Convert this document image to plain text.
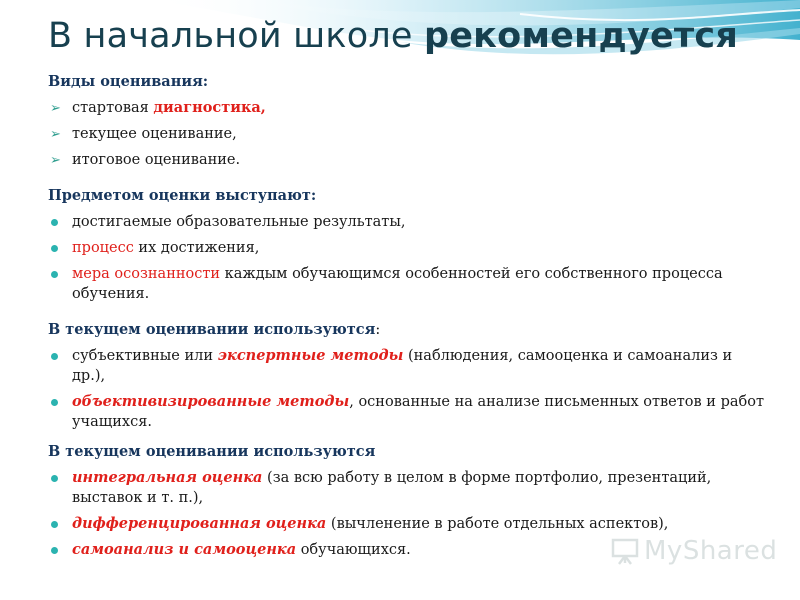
В начальной школе рекомендуется

Виды оценивания:

➢ стартовая диагностика,
➢ текущее оценивание,
➢ итоговое оценивание.

Предметом оценки выступают:

достигаемые образовательные результаты,
процесс их достижения,
мера осознанности каждым обучающимся особенностей его собственного процесса обучения.

В текущем оценивании используются:

субъективные или экспертные методы (наблюдения, самооценка и самоанализ и др.),
объективизированные методы, основанные на анализе письменных ответов и работ учащихся.

В текущем оценивании используются

интегральная оценка (за всю работу в целом в форме портфолио, презентаций, выставок и т. п.),
дифференцированная оценка (вычленение в работе отдельных аспектов),
самоанализ и самооценка обучающихся.	MyShared
